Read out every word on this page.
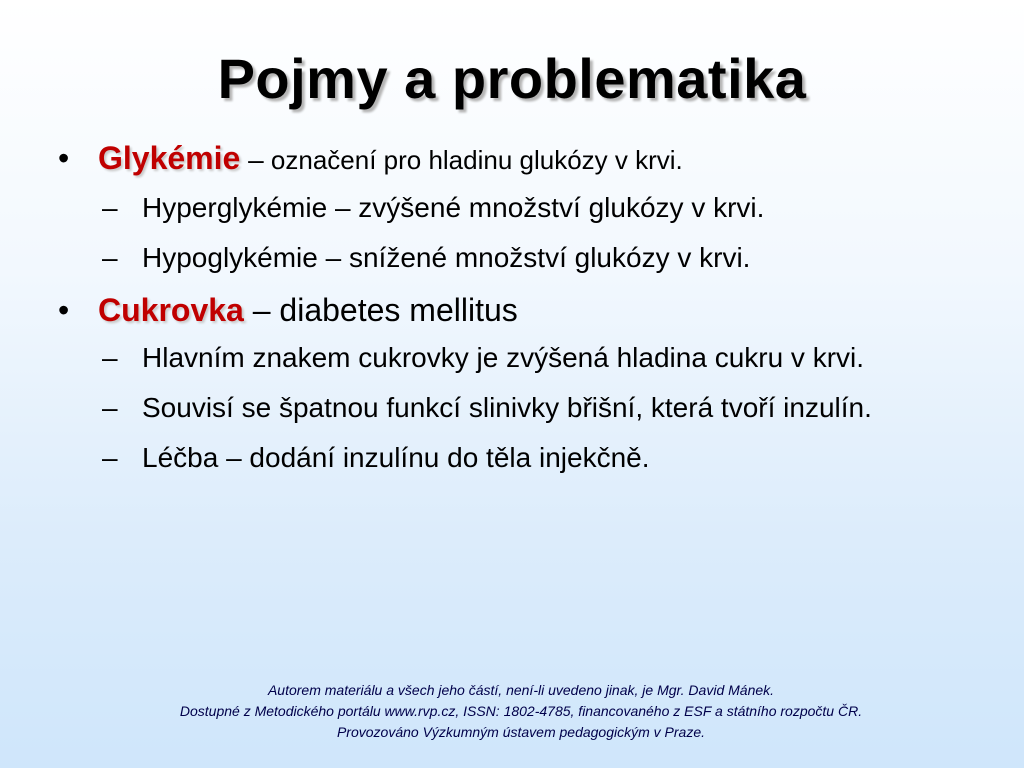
Pojmy a problematika
• Glykémie – označení pro hladinu glukózy v krvi.
– Hyperglykémie – zvýšené množství glukózy v krvi.
– Hypoglykémie – snížené množství glukózy v krvi.
• Cukrovka – diabetes mellitus
– Hlavním znakem cukrovky je zvýšená hladina cukru v krvi.
– Souvisí se špatnou funkcí slinivky břišní, která tvoří inzulín.
– Léčba – dodání inzulínu do těla injekčně.
Autorem materiálu a všech jeho částí, není-li uvedeno jinak, je Mgr. David Mánek.
Dostupné z Metodického portálu www.rvp.cz, ISSN: 1802-4785, financovaného z ESF a státního rozpočtu ČR.
Provozováno Výzkumným ústavem pedagogickým v Praze.
